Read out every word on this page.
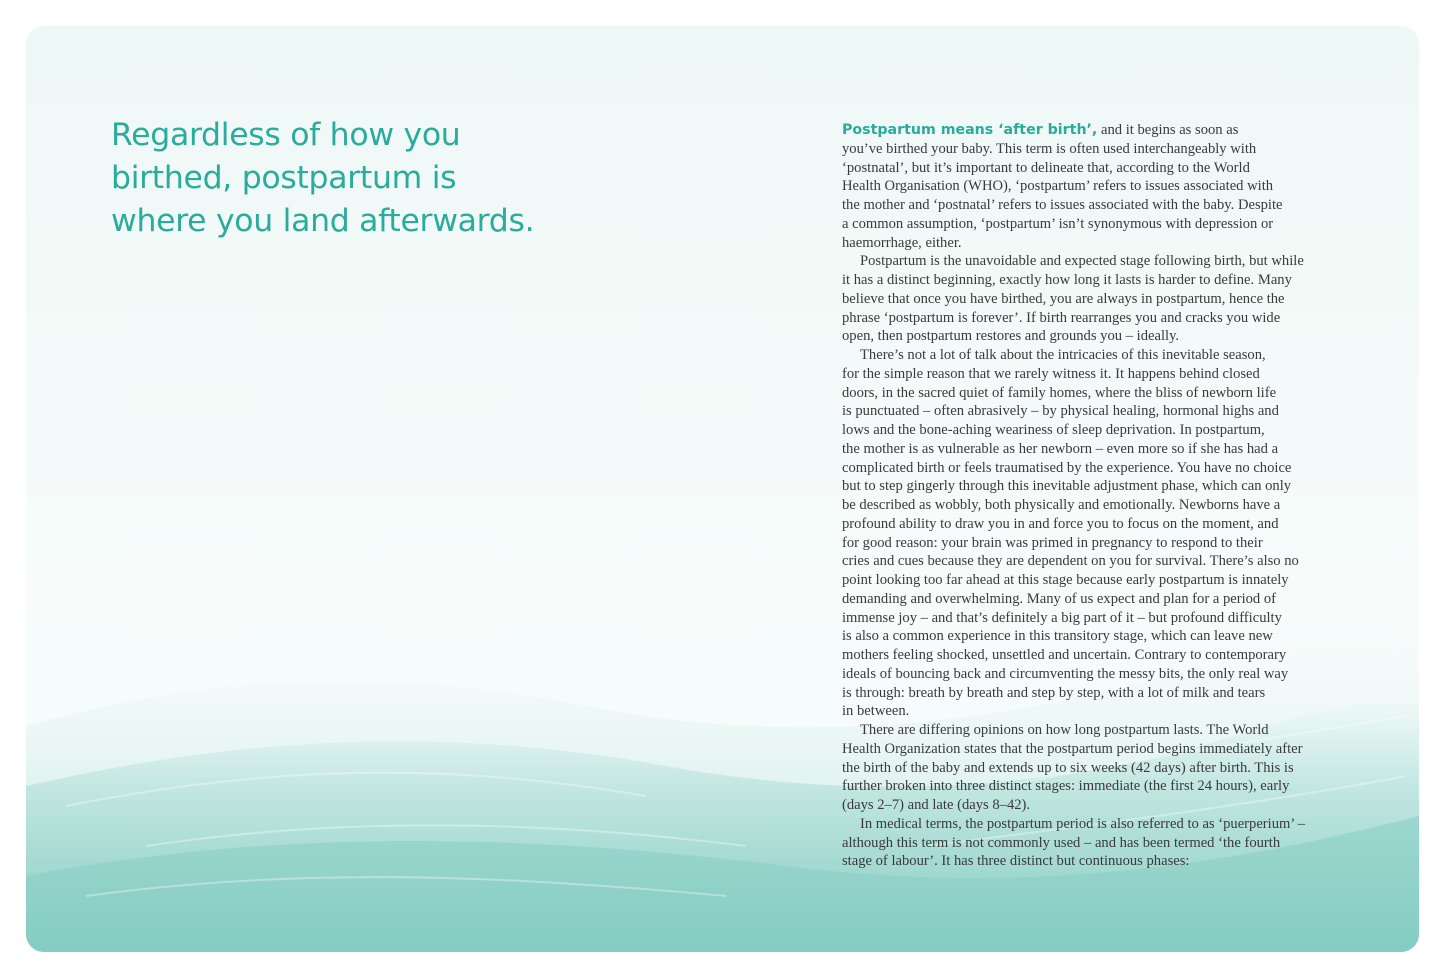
Regardless of how you
birthed, postpartum is
where you land afterwards.
Postpartum means ‘after birth’, and it begins as soon as
you’ve birthed your baby. This term is often used interchangeably with
‘postnatal’, but it’s important to delineate that, according to the World
Health Organisation (WHO), ‘postpartum’ refers to issues associated with
the mother and ‘postnatal’ refers to issues associated with the baby. Despite
a common assumption, ‘postpartum’ isn’t synonymous with depression or
haemorrhage, either.
Postpartum is the unavoidable and expected stage following birth, but while
it has a distinct beginning, exactly how long it lasts is harder to define. Many
believe that once you have birthed, you are always in postpartum, hence the
phrase ‘postpartum is forever’. If birth rearranges you and cracks you wide
open, then postpartum restores and grounds you – ideally.
There’s not a lot of talk about the intricacies of this inevitable season,
for the simple reason that we rarely witness it. It happens behind closed
doors, in the sacred quiet of family homes, where the bliss of newborn life
is punctuated – often abrasively – by physical healing, hormonal highs and
lows and the bone-aching weariness of sleep deprivation. In postpartum,
the mother is as vulnerable as her newborn – even more so if she has had a
complicated birth or feels traumatised by the experience. You have no choice
but to step gingerly through this inevitable adjustment phase, which can only
be described as wobbly, both physically and emotionally. Newborns have a
profound ability to draw you in and force you to focus on the moment, and
for good reason: your brain was primed in pregnancy to respond to their
cries and cues because they are dependent on you for survival. There’s also no
point looking too far ahead at this stage because early postpartum is innately
demanding and overwhelming. Many of us expect and plan for a period of
immense joy – and that’s definitely a big part of it – but profound difficulty
is also a common experience in this transitory stage, which can leave new
mothers feeling shocked, unsettled and uncertain. Contrary to contemporary
ideals of bouncing back and circumventing the messy bits, the only real way
is through: breath by breath and step by step, with a lot of milk and tears
in between.
There are differing opinions on how long postpartum lasts. The World
Health Organization states that the postpartum period begins immediately after
the birth of the baby and extends up to six weeks (42 days) after birth. This is
further broken into three distinct stages: immediate (the first 24 hours), early
(days 2–7) and late (days 8–42).
In medical terms, the postpartum period is also referred to as ‘puerperium’ –
although this term is not commonly used – and has been termed ‘the fourth
stage of labour’. It has three distinct but continuous phases:
